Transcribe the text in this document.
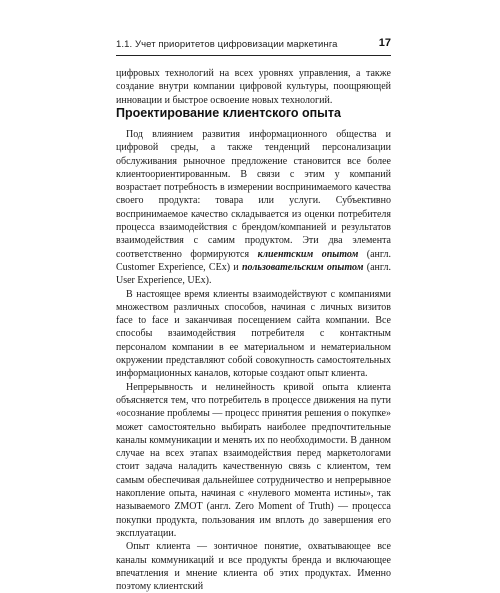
1.1. Учет приоритетов цифровизации маркетинга	17

цифровых технологий на всех уровнях управления, а также создание внутри компании цифровой культуры, поощряющей инновации и быстрое освоение новых технологий.

Проектирование клиентского опыта

Под влиянием развития информационного общества и цифровой среды, а также тенденций персонализации обслуживания рыночное предложение становится все более клиентоориентированным. В связи с этим у компаний возрастает потребность в измерении воспринимаемого качества своего продукта: товара или услуги. Субъективно воспринимаемое качество складывается из оценки потребителя процесса взаимодействия с брендом/компанией и результатов взаимодействия с самим продуктом. Эти два элемента соответственно формируются клиентским опытом (англ. Customer Experience, CEx) и пользовательским опытом (англ. User Experience, UEx).

В настоящее время клиенты взаимодействуют с компаниями множеством различных способов, начиная с личных визитов face to face и заканчивая посещением сайта компании. Все способы взаимодействия потребителя с контактным персоналом компании в ее материальном и нематериальном окружении представляют собой совокупность самостоятельных информационных каналов, которые создают опыт клиента.

Непрерывность и нелинейность кривой опыта клиента объясняется тем, что потребитель в процессе движения на пути «осознание проблемы — процесс принятия решения о покупке» может самостоятельно выбирать наиболее предпочтительные каналы коммуникации и менять их по необходимости. В данном случае на всех этапах взаимодействия перед маркетологами стоит задача наладить качественную связь с клиентом, тем самым обеспечивая дальнейшее сотрудничество и непрерывное накопление опыта, начиная с «нулевого момента истины», так называемого ZMOT (англ. Zero Moment of Truth) — процесса покупки продукта, пользования им вплоть до завершения его эксплуатации.

Опыт клиента — зонтичное понятие, охватывающее все каналы коммуникаций и все продукты бренда и включающее впечатления и мнение клиента об этих продуктах. Именно поэтому клиентский
